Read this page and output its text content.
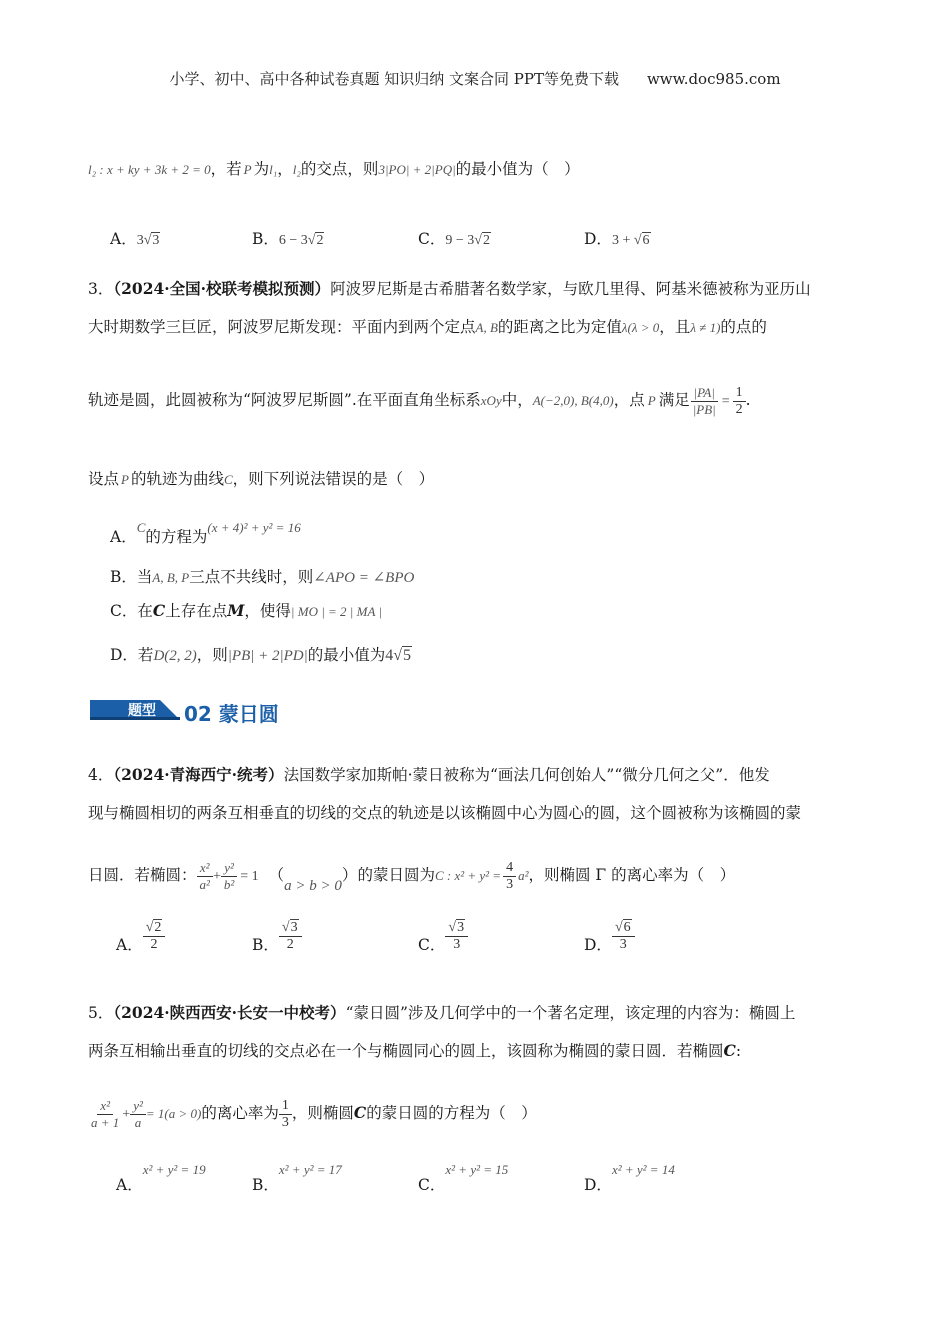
小学、初中、高中各种试卷真题 知识归纳 文案合同 PPT等免费下载 www.doc985.com
l₂ : x + ky + 3k + 2 = 0，若 P 为l₁，l₂的交点，则3|PO| + 2|PQ|的最小值为（　）
A．3√3	B．6 − 3√2	C．9 − 3√2	D．3 + √6
3．（2024·全国·校联考模拟预测）阿波罗尼斯是古希腊著名数学家，与欧几里得、阿基米德被称为亚历山
大时期数学三巨匠，阿波罗尼斯发现：平面内到两个定点A, B的距离之比为定值λ(λ > 0，且λ ≠ 1)的点的
轨迹是圆，此圆被称为“阿波罗尼斯圆”.在平面直角坐标系xOy中，A(−2,0), B(4,0)，点 P 满足 $\frac{|PA|}{|PB|} = \frac{1}{2}$ .
设点 P 的轨迹为曲线C，则下列说法错误的是（　）
A．$^C$的方程为$^{(x + 4)^2 + y^2 = 16}$
B．当A, B, P三点不共线时，则∠APO = ∠BPO
C．在C上存在点M，使得| MO | = 2 | MA |
D．若D(2, 2)，则|PB| + 2|PD|的最小值为4√5
题型 02 蒙日圆
4．（2024·青海西宁·统考）法国数学家加斯帕·蒙日被称为“画法几何创始人”“微分几何之父”．他发
现与椭圆相切的两条互相垂直的切线的交点的轨迹是以该椭圆中心为圆心的圆，这个圆被称为该椭圆的蒙
日圆．若椭圆： $\frac{\text{x²}}{\text{a²}} + \frac{\text{y²}}{\text{b²}} = 1$ （a > b > 0）的蒙日圆为C : $x^2 + y^2 = \frac{4}{3} a^2$，则椭圆 Γ 的离心率为（　）
A． $\frac{√2}{2}$	B． $\frac{√3}{2}$	C． $\frac{√3}{3}$	D． $\frac{√6}{3}$
5．（2024·陕西西安·长安一中校考）“蒙日圆”涉及几何学中的一个著名定理，该定理的内容为：椭圆上
两条互相输出垂直的切线的交点必在一个与椭圆同心的圆上，该圆称为椭圆的蒙日圆．若椭圆C:
$\frac{\text{x²}}{a + 1} + \frac{\text{y²}}{a} = 1(a > 0)$的离心率为 $\frac{1}{3}$ ，则椭圆C的蒙日圆的方程为（　）
A．$^{x^2 + y^2 = 19}$
B．$^{x^2 + y^2 = 17}$
C．$^{x^2 + y^2 = 15}$
D．$^{x^2 + y^2 = 14}$
